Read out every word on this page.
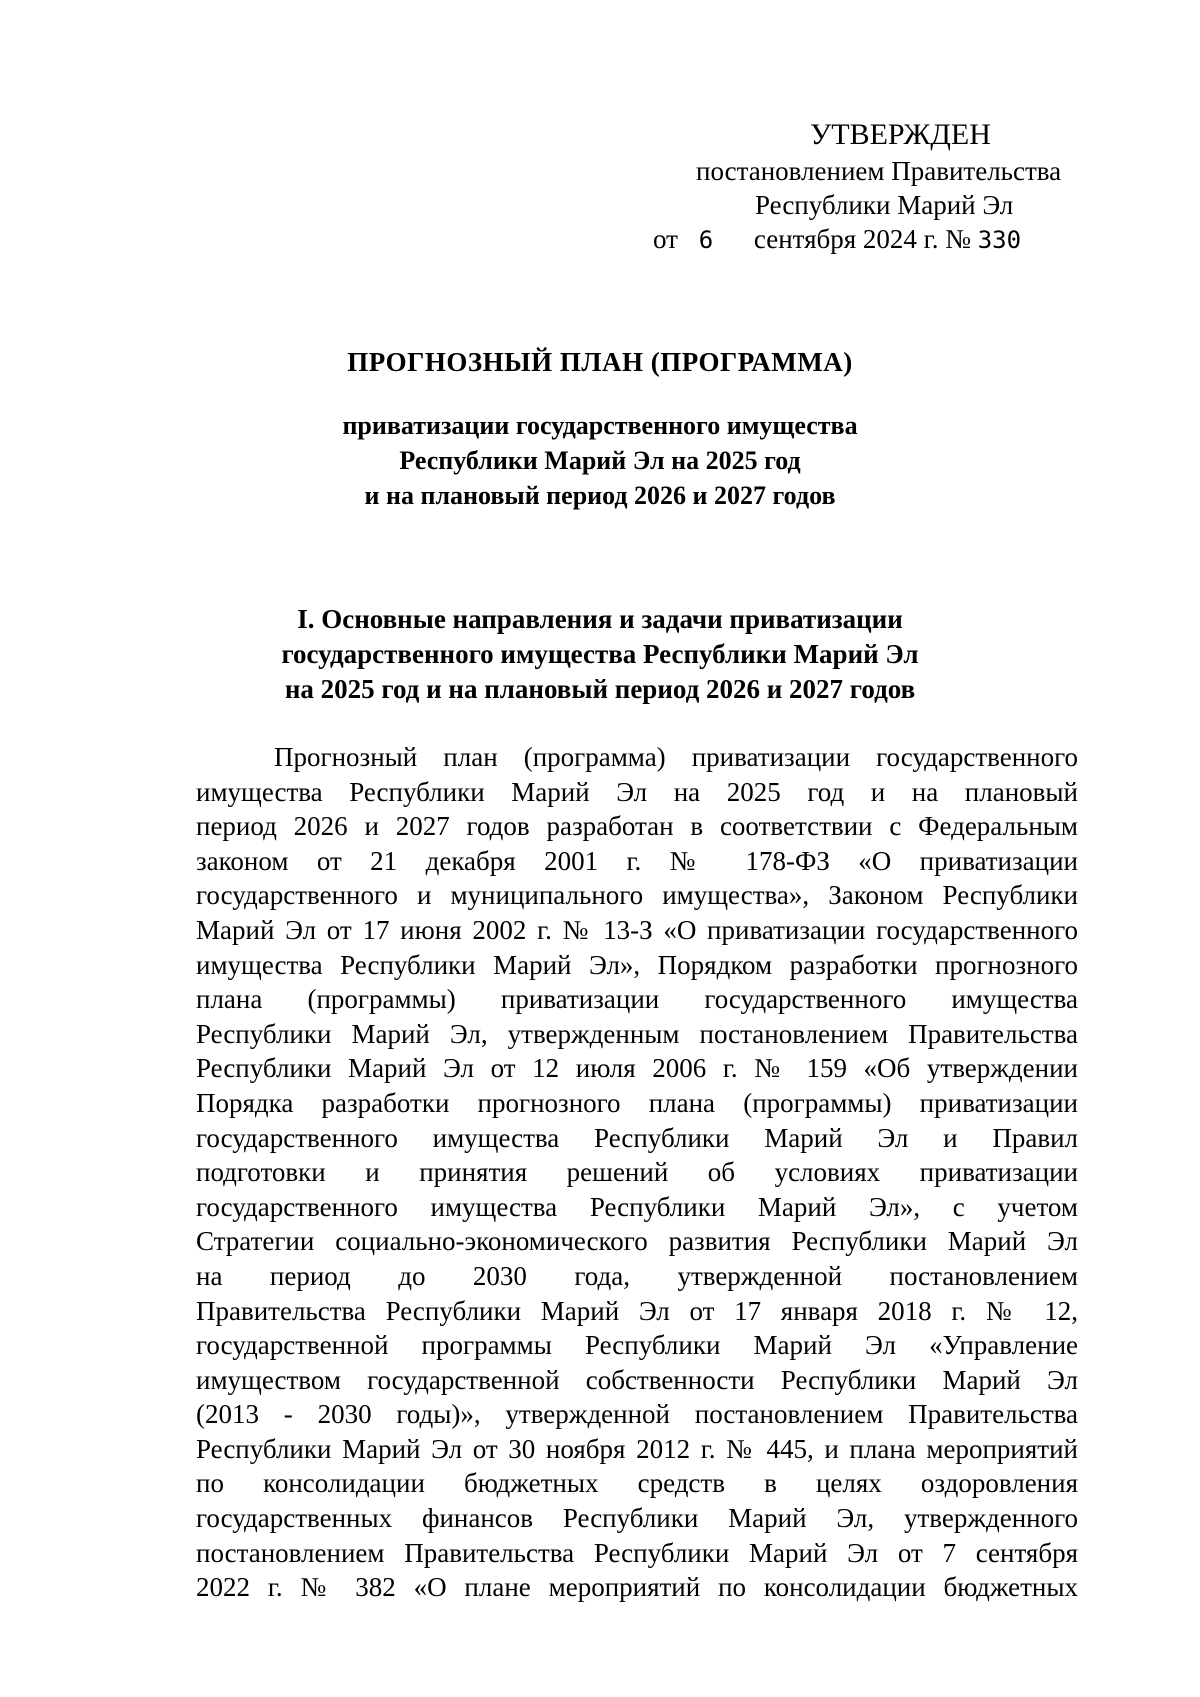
УТВЕРЖДЕН
постановлением Правительства
Республики Марий Эл
от 6 сентября 2024 г. № 330
ПРОГНОЗНЫЙ ПЛАН (ПРОГРАММА)
приватизации государственного имущества
Республики Марий Эл на 2025 год
и на плановый период 2026 и 2027 годов
I. Основные направления и задачи приватизации
государственного имущества Республики Марий Эл
на 2025 год и на плановый период 2026 и 2027 годов
Прогнозный план (программа) приватизации государственного
имущества Республики Марий Эл на 2025 год и на плановый
период 2026 и 2027 годов разработан в соответствии с Федеральным
законом от 21 декабря 2001 г. № 178-ФЗ «О приватизации
государственного и муниципального имущества», Законом Республики
Марий Эл от 17 июня 2002 г. № 13-З «О приватизации государственного
имущества Республики Марий Эл», Порядком разработки прогнозного
плана (программы) приватизации государственного имущества
Республики Марий Эл, утвержденным постановлением Правительства
Республики Марий Эл от 12 июля 2006 г. № 159 «Об утверждении
Порядка разработки прогнозного плана (программы) приватизации
государственного имущества Республики Марий Эл и Правил
подготовки и принятия решений об условиях приватизации
государственного имущества Республики Марий Эл», с учетом
Стратегии социально-экономического развития Республики Марий Эл
на период до 2030 года, утвержденной постановлением
Правительства Республики Марий Эл от 17 января 2018 г. № 12,
государственной программы Республики Марий Эл «Управление
имуществом государственной собственности Республики Марий Эл
(2013 - 2030 годы)», утвержденной постановлением Правительства
Республики Марий Эл от 30 ноября 2012 г. № 445, и плана мероприятий
по консолидации бюджетных средств в целях оздоровления
государственных финансов Республики Марий Эл, утвержденного
постановлением Правительства Республики Марий Эл от 7 сентября
2022 г. № 382 «О плане мероприятий по консолидации бюджетных
